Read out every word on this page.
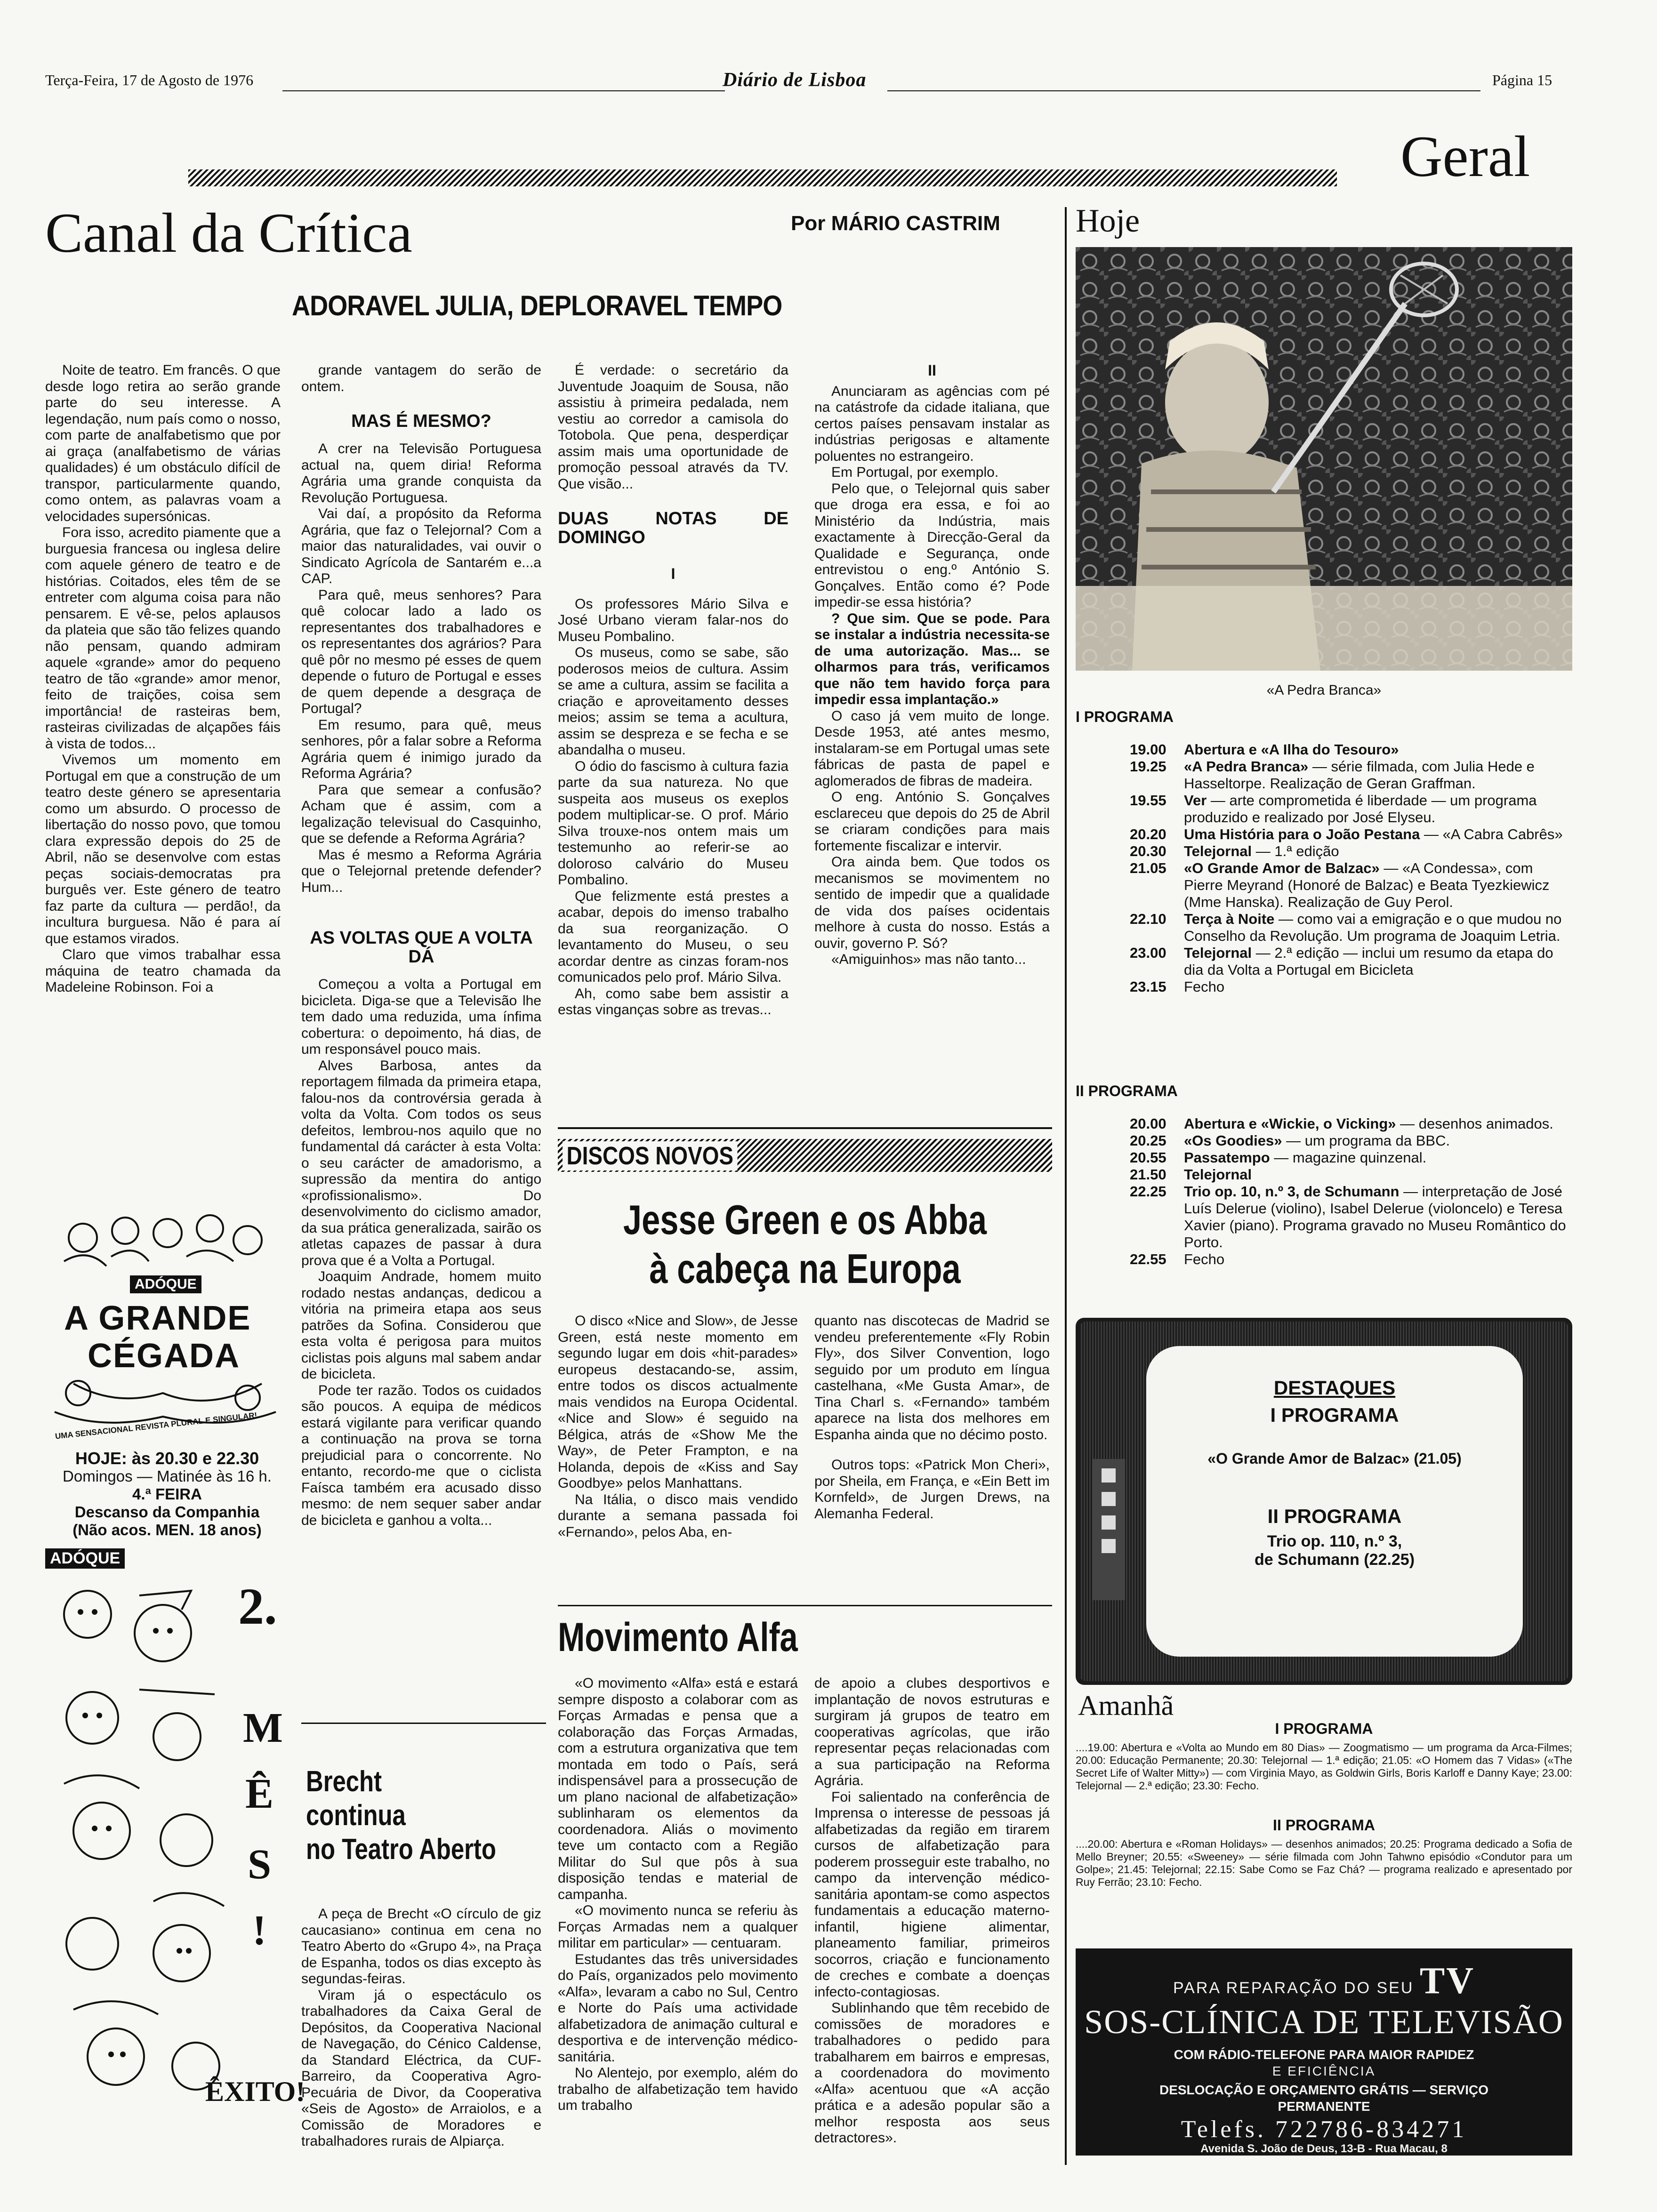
Terça-Feira, 17 de Agosto de 1976	Diário de Lisboa	Página 15
Geral
Canal da Crítica	Por MÁRIO CASTRIM
ADORAVEL JULIA, DEPLORAVEL TEMPO

Noite de teatro. Em francês. O que desde logo retira ao serão grande parte do seu interesse. A legendação, num país como o nosso, com parte de analfabetismo que por ai graça (analfabetismo de várias qualidades) é um obstáculo difícil de transpor, particularmente quando, como ontem, as palavras voam a velocidades supersónicas.

Fora isso, acredito piamente que a burguesia francesa ou inglesa delire com aquele género de teatro e de histórias. Coitados, eles têm de se entreter com alguma coisa para não pensarem. E vê-se, pelos aplausos da plateia que são tão felizes quando não pensam, quando admiram aquele «grande» amor do pequeno teatro de tão «grande» amor menor, feito de traições, coisa sem importância! de rasteiras bem, rasteiras civilizadas de alçapões fáis à vista de todos...

Vivemos um momento em Portugal em que a construção de um teatro deste género se apresentaria como um absurdo. O processo de libertação do nosso povo, que tomou clara expressão depois do 25 de Abril, não se desenvolve com estas peças sociais-democratas pra burguês ver. Este género de teatro faz parte da cultura — perdão!, da incultura burguesa. Não é para aí que estamos virados.

Claro que vimos trabalhar essa máquina de teatro chamada da Madeleine Robinson. Foi a

grande vantagem do serão de ontem.

MAS É MESMO?

A crer na Televisão Portuguesa actual na, quem diria! Reforma Agrária uma grande conquista da Revolução Portuguesa.

Vai daí, a propósito da Reforma Agrária, que faz o Telejornal? Com a maior das naturalidades, vai ouvir o Sindicato Agrícola de Santarém e...a CAP.

Para quê, meus senhores? Para quê colocar lado a lado os representantes dos trabalhadores e os representantes dos agrários? Para quê pôr no mesmo pé esses de quem depende o futuro de Portugal e esses de quem depende a desgraça de Portugal?

Em resumo, para quê, meus senhores, pôr a falar sobre a Reforma Agrária quem é inimigo jurado da Reforma Agrária?

Para que semear a confusão? Acham que é assim, com a legalização televisual do Casquinho, que se defende a Reforma Agrária?

Mas é mesmo a Reforma Agrária que o Telejornal pretende defender? Hum...

AS VOLTAS QUE A VOLTA DÁ

Começou a volta a Portugal em bicicleta. Diga-se que a Televisão lhe tem dado uma reduzida, uma ínfima cobertura: o depoimento, há dias, de um responsável pouco mais.

Alves Barbosa, antes da reportagem filmada da primeira etapa, falou-nos da controvérsia gerada à volta da Volta. Com todos os seus defeitos, lembrou-nos aquilo que no fundamental dá carácter à esta Volta: o seu carácter de amadorismo, a supressão da mentira do antigo «profissionalismo». Do desenvolvimento do ciclismo amador, da sua prática generalizada, sairão os atletas capazes de passar à dura prova que é a Volta a Portugal.

Joaquim Andrade, homem muito rodado nestas andanças, dedicou a vitória na primeira etapa aos seus patrões da Sofina. Considerou que esta volta é perigosa para muitos ciclistas pois alguns mal sabem andar de bicicleta.

Pode ter razão. Todos os cuidados são poucos. A equipa de médicos estará vigilante para verificar quando a continuação na prova se torna prejudicial para o concorrente. No entanto, recordo-me que o ciclista Faísca também era acusado disso mesmo: de nem sequer saber andar de bicicleta e ganhou a volta...

É verdade: o secretário da Juventude Joaquim de Sousa, não assistiu à primeira pedalada, nem vestiu ao corredor a camisola do Totobola. Que pena, desperdiçar assim mais uma oportunidade de promoção pessoal através da TV. Que visão...

DUAS NOTAS DE DOMINGO
I

Os professores Mário Silva e José Urbano vieram falar-nos do Museu Pombalino.

Os museus, como se sabe, são poderosos meios de cultura. Assim se ame a cultura, assim se facilita a criação e aproveitamento desses meios; assim se tema a acultura, assim se despreza e se fecha e se abandalha o museu.

O ódio do fascismo à cultura fazia parte da sua natureza. No que suspeita aos museus os exeplos podem multiplicar-se. O prof. Mário Silva trouxe-nos ontem mais um testemunho ao referir-se ao doloroso calvário do Museu Pombalino.

Que felizmente está prestes a acabar, depois do imenso trabalho da sua reorganização. O levantamento do Museu, o seu acordar dentre as cinzas foram-nos comunicados pelo prof. Mário Silva.

Ah, como sabe bem assistir a estas vinganças sobre as trevas...

II

Anunciaram as agências com pé na catástrofe da cidade italiana, que certos países pensavam instalar as indústrias perigosas e altamente poluentes no estrangeiro.

Em Portugal, por exemplo.

Pelo que, o Telejornal quis saber que droga era essa, e foi ao Ministério da Indústria, mais exactamente à Direcção-Geral da Qualidade e Segurança, onde entrevistou o eng.º António S. Gonçalves. Então como é? Pode impedir-se essa história?

? Que sim. Que se pode. Para se instalar a indústria necessita-se de uma autorização. Mas... se olharmos para trás, verificamos que não tem havido força para impedir essa implantação.»

O caso já vem muito de longe. Desde 1953, até antes mesmo, instalaram-se em Portugal umas sete fábricas de pasta de papel e aglomerados de fibras de madeira.

O eng. António S. Gonçalves esclareceu que depois do 25 de Abril se criaram condições para mais fortemente fiscalizar e intervir.

Ora ainda bem. Que todos os mecanismos se movimentem no sentido de impedir que a qualidade de vida dos países ocidentais melhore à custa do nosso. Estás a ouvir, governo P. Só?

«Amiguinhos» mas não tanto...

ADÓQUE
A GRANDE
CÉGADA
UMA SENSACIONAL REVISTA PLURAL E SINGULAR!
HOJE: às 20.30 e 22.30
Domingos — Matinée às 16 h.
4.ª FEIRA
Descanso da Companhia
(Não acos. MEN. 18 anos)
ADÓQUE
2.
M
Ê
S
!
ÊXITO!
Brecht
continua
no Teatro Aberto

A peça de Brecht «O círculo de giz caucasiano» continua em cena no Teatro Aberto do «Grupo 4», na Praça de Espanha, todos os dias excepto às segundas-feiras.

Viram já o espectáculo os trabalhadores da Caixa Geral de Depósitos, da Cooperativa Nacional de Navegação, do Cénico Caldense, da Standard Eléctrica, da CUF-Barreiro, da Cooperativa Agro-Pecuária de Divor, da Cooperativa «Seis de Agosto» de Arraiolos, e a Comissão de Moradores e trabalhadores rurais de Alpiarça.

DISCOS NOVOS
Jesse Green e os Abba
à cabeça na Europa

O disco «Nice and Slow», de Jesse Green, está neste momento em segundo lugar em dois «hit-parades» europeus destacando-se, assim, entre todos os discos actualmente mais vendidos na Europa Ocidental. «Nice and Slow» é seguido na Bélgica, atrás de «Show Me the Way», de Peter Frampton, e na Holanda, depois de «Kiss and Say Goodbye» pelos Manhattans.

Na Itália, o disco mais vendido durante a semana passada foi «Fernando», pelos Aba, en-

quanto nas discotecas de Madrid se vendeu preferentemente «Fly Robin Fly», dos Silver Convention, logo seguido por um produto em língua castelhana, «Me Gusta Amar», de Tina Charl s. «Fernando» também aparece na lista dos melhores em Espanha ainda que no décimo posto.

Outros tops: «Patrick Mon Cheri», por Sheila, em França, e «Ein Bett im Kornfeld», de Jurgen Drews, na Alemanha Federal.

Movimento Alfa

«O movimento «Alfa» está e estará sempre disposto a colaborar com as Forças Armadas e pensa que a colaboração das Forças Armadas, com a estrutura organizativa que tem montada em todo o País, será indispensável para a prossecução de um plano nacional de alfabetização» sublinharam os elementos da coordenadora. Aliás o movimento teve um contacto com a Região Militar do Sul que pôs à sua disposição tendas e material de campanha.

«O movimento nunca se referiu às Forças Armadas nem a qualquer militar em particular» — centuaram.

Estudantes das três universidades do País, organizados pelo movimento «Alfa», levaram a cabo no Sul, Centro e Norte do País uma actividade alfabetizadora de animação cultural e desportiva e de intervenção médico-sanitária.

No Alentejo, por exemplo, além do trabalho de alfabetização tem havido um trabalho

de apoio a clubes desportivos e implantação de novos estruturas e surgiram já grupos de teatro em cooperativas agrícolas, que irão representar peças relacionadas com a sua participação na Reforma Agrária.

Foi salientado na conferência de Imprensa o interesse de pessoas já alfabetizadas da região em tirarem cursos de alfabetização para poderem prosseguir este trabalho, no campo da intervenção médico-sanitária apontam-se como aspectos fundamentais a educação materno-infantil, higiene alimentar, planeamento familiar, primeiros socorros, criação e funcionamento de creches e combate a doenças infecto-contagiosas.

Sublinhando que têm recebido de comissões de moradores e trabalhadores o pedido para trabalharem em bairros e empresas, a coordenadora do movimento «Alfa» acentuou que «A acção prática e a adesão popular são a melhor resposta aos seus detractores».

Hoje
«A Pedra Branca»
I PROGRAMA
19.00	Abertura e «A Ilha do Tesouro»
19.25	«A Pedra Branca» — série filmada, com Julia Hede e Hasseltorpe. Realização de Geran Graffman.
19.55	Ver — arte comprometida é liberdade — um programa produzido e realizado por José Elyseu.
20.20	Uma História para o João Pestana — «A Cabra Cabrês»
20.30	Telejornal — 1.ª edição
21.05	«O Grande Amor de Balzac» — «A Condessa», com Pierre Meyrand (Honoré de Balzac) e Beata Tyezkiewicz (Mme Hanska). Realização de Guy Perol.
22.10	Terça à Noite — como vai a emigração e o que mudou no Conselho da Revolução. Um programa de Joaquim Letria.
23.00	Telejornal — 2.ª edição — inclui um resumo da etapa do dia da Volta a Portugal em Bicicleta
23.15	Fecho
II PROGRAMA
20.00	Abertura e «Wickie, o Vicking» — desenhos animados.
20.25	«Os Goodies» — um programa da BBC.
20.55	Passatempo — magazine quinzenal.
21.50	Telejornal
22.25	Trio op. 10, n.º 3, de Schumann — interpretação de José Luís Delerue (violino), Isabel Delerue (violoncelo) e Teresa Xavier (piano). Programa gravado no Museu Romântico do Porto.
22.55	Fecho
DESTAQUES
I PROGRAMA
«O Grande Amor de Balzac» (21.05)
II PROGRAMA
Trio op. 110, n.º 3,
de Schumann (22.25)
Amanhã
I PROGRAMA
....19.00: Abertura e «Volta ao Mundo em 80 Dias» — Zoogmatismo — um programa da Arca-Filmes; 20.00: Educação Permanente; 20.30: Telejornal — 1.ª edição; 21.05: «O Homem das 7 Vidas» («The Secret Life of Walter Mitty») — com Virginia Mayo, as Goldwin Girls, Boris Karloff e Danny Kaye; 23.00: Telejornal — 2.ª edição; 23.30: Fecho.
II PROGRAMA
....20.00: Abertura e «Roman Holidays» — desenhos animados; 20.25: Programa dedicado a Sofia de Mello Breyner; 20.55: «Sweeney» — série filmada com John Tahwno episódio «Condutor para um Golpe»; 21.45: Telejornal; 22.15: Sabe Como se Faz Chá? — programa realizado e apresentado por Ruy Ferrão; 23.10: Fecho.
PARA REPARAÇÃO DO SEU TV
SOS-CLÍNICA DE TELEVISÃO
COM RÁDIO-TELEFONE PARA MAIOR RAPIDEZ
E EFICIÊNCIA
DESLOCAÇÃO E ORÇAMENTO GRÁTIS — SERVIÇO
PERMANENTE
Telefs. 722786-834271
Avenida S. João de Deus, 13-B - Rua Macau, 8
